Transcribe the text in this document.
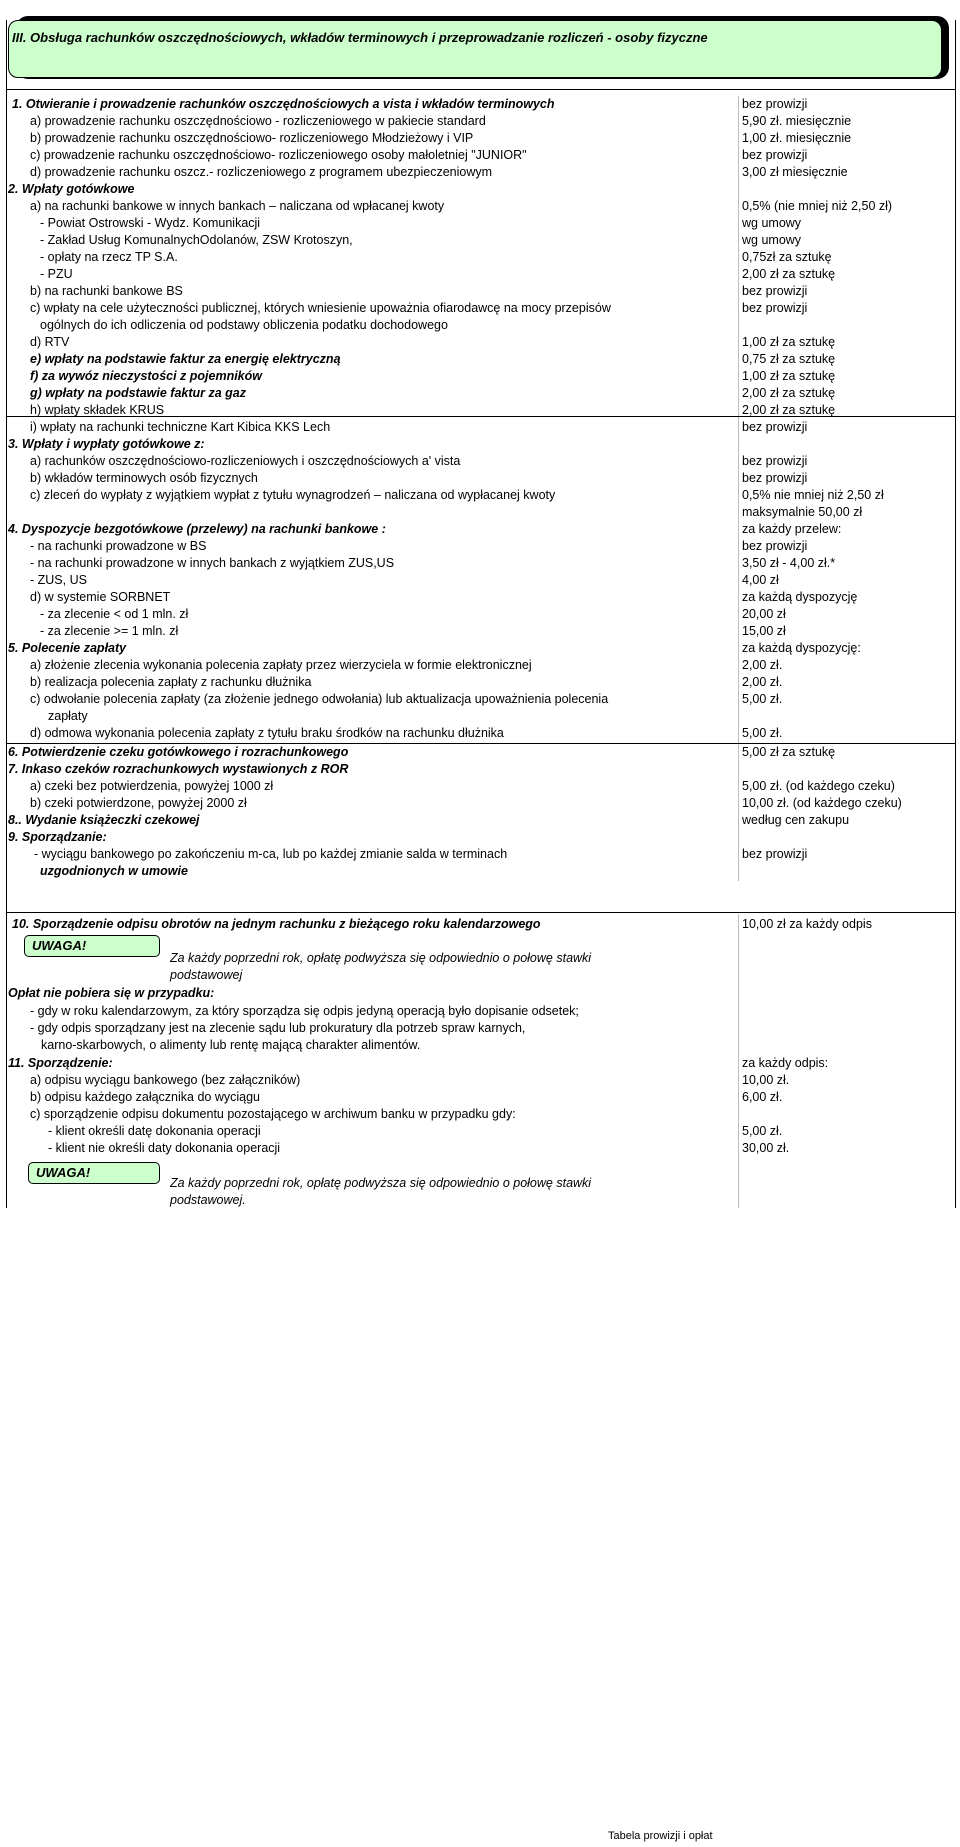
III. Obsługa rachunków oszczędnościowych, wkładów terminowych i przeprowadzanie rozliczeń - osoby fizyczne
1. Otwieranie i prowadzenie rachunków oszczędnościowych a vista i wkładów terminowych	bez prowizji
a) prowadzenie rachunku oszczędnościowo - rozliczeniowego w pakiecie standard	5,90 zł. miesięcznie
b) prowadzenie rachunku oszczędnościowo- rozliczeniowego Młodzieżowy i VIP	1,00 zł. miesięcznie
c) prowadzenie rachunku oszczędnościowo- rozliczeniowego osoby małoletniej "JUNIOR"	bez prowizji
d) prowadzenie rachunku oszcz.- rozliczeniowego z programem ubezpieczeniowym	3,00 zł miesięcznie
2. Wpłaty gotówkowe
a) na rachunki bankowe w innych bankach – naliczana od wpłacanej kwoty	0,5% (nie mniej niż 2,50 zł)
- Powiat Ostrowski - Wydz. Komunikacji	wg umowy
- Zakład Usług KomunalnychOdolanów, ZSW Krotoszyn,	wg umowy
- opłaty na rzecz TP S.A.	0,75zł za sztukę
- PZU	2,00 zł za sztukę
b) na rachunki bankowe BS	bez prowizji
c) wpłaty na cele użyteczności publicznej, których wniesienie upoważnia ofiarodawcę na mocy przepisów	bez prowizji
ogólnych do ich odliczenia od podstawy obliczenia podatku dochodowego
d) RTV	1,00 zł za sztukę
e) wpłaty na podstawie faktur za energię elektryczną	0,75 zł za sztukę
f) za wywóz nieczystości z pojemników	1,00 zł za sztukę
g) wpłaty na podstawie faktur za gaz	2,00 zł za sztukę
h) wpłaty składek KRUS	2,00 zł za sztukę
i) wpłaty na rachunki techniczne Kart Kibica KKS Lech	bez prowizji
3. Wpłaty i wypłaty gotówkowe z:
a) rachunków oszczędnościowo-rozliczeniowych i oszczędnościowych a' vista	bez prowizji
b) wkładów terminowych osób fizycznych	bez prowizji
c) zleceń do wypłaty z wyjątkiem wypłat z tytułu wynagrodzeń – naliczana od wypłacanej kwoty	0,5% nie mniej niż 2,50 zł
maksymalnie 50,00 zł
4. Dyspozycje bezgotówkowe (przelewy) na rachunki bankowe :	za każdy przelew:
- na rachunki prowadzone w BS	bez prowizji
- na rachunki prowadzone w innych bankach z wyjątkiem ZUS,US	3,50 zł - 4,00 zł.*
- ZUS, US	4,00 zł
d) w systemie SORBNET	za każdą dyspozycję
- za zlecenie < od 1 mln. zł	20,00 zł
- za zlecenie >= 1 mln. zł	15,00 zł
5. Polecenie zapłaty	za każdą dyspozycję:
a) złożenie zlecenia wykonania polecenia zapłaty przez wierzyciela w formie elektronicznej	2,00 zł.
b) realizacja polecenia zapłaty z rachunku dłużnika	2,00 zł.
c) odwołanie polecenia zapłaty (za złożenie jednego odwołania) lub aktualizacja upoważnienia polecenia	5,00 zł.
zapłaty
d) odmowa wykonania polecenia zapłaty z tytułu braku środków na rachunku dłużnika	5,00 zł.
6. Potwierdzenie czeku gotówkowego i rozrachunkowego	5,00 zł za sztukę
7. Inkaso czeków rozrachunkowych wystawionych z ROR
a) czeki bez potwierdzenia, powyżej 1000 zł	5,00 zł. (od każdego czeku)
b) czeki potwierdzone, powyżej 2000 zł	10,00 zł. (od każdego czeku)
8.. Wydanie książeczki czekowej	według cen zakupu
9. Sporządzanie:
- wyciągu bankowego po zakończeniu m-ca, lub po każdej zmianie salda w terminach	bez prowizji
uzgodnionych w umowie
10. Sporządzenie odpisu obrotów na jednym rachunku z bieżącego roku kalendarzowego	10,00 zł za każdy odpis
UWAGA!
Za każdy poprzedni rok, opłatę podwyższa się odpowiednio o połowę stawki
podstawowej
Opłat nie pobiera się w przypadku:
- gdy w roku kalendarzowym, za który sporządza się odpis jedyną operacją było dopisanie odsetek;
- gdy odpis sporządzany jest na zlecenie sądu lub prokuratury dla potrzeb spraw karnych,
karno-skarbowych, o alimenty lub rentę mającą charakter alimentów.
11. Sporządzenie:	za każdy odpis:
a) odpisu wyciągu bankowego (bez załączników)	10,00 zł.
b) odpisu każdego załącznika do wyciągu	6,00 zł.
c) sporządzenie odpisu dokumentu pozostającego w archiwum banku w przypadku gdy:
- klient określi datę dokonania operacji	5,00 zł.
- klient nie określi daty dokonania operacji	30,00 zł.
UWAGA!
Za każdy poprzedni rok, opłatę podwyższa się odpowiednio o połowę stawki
podstawowej.
Tabela prowizji i opłat
